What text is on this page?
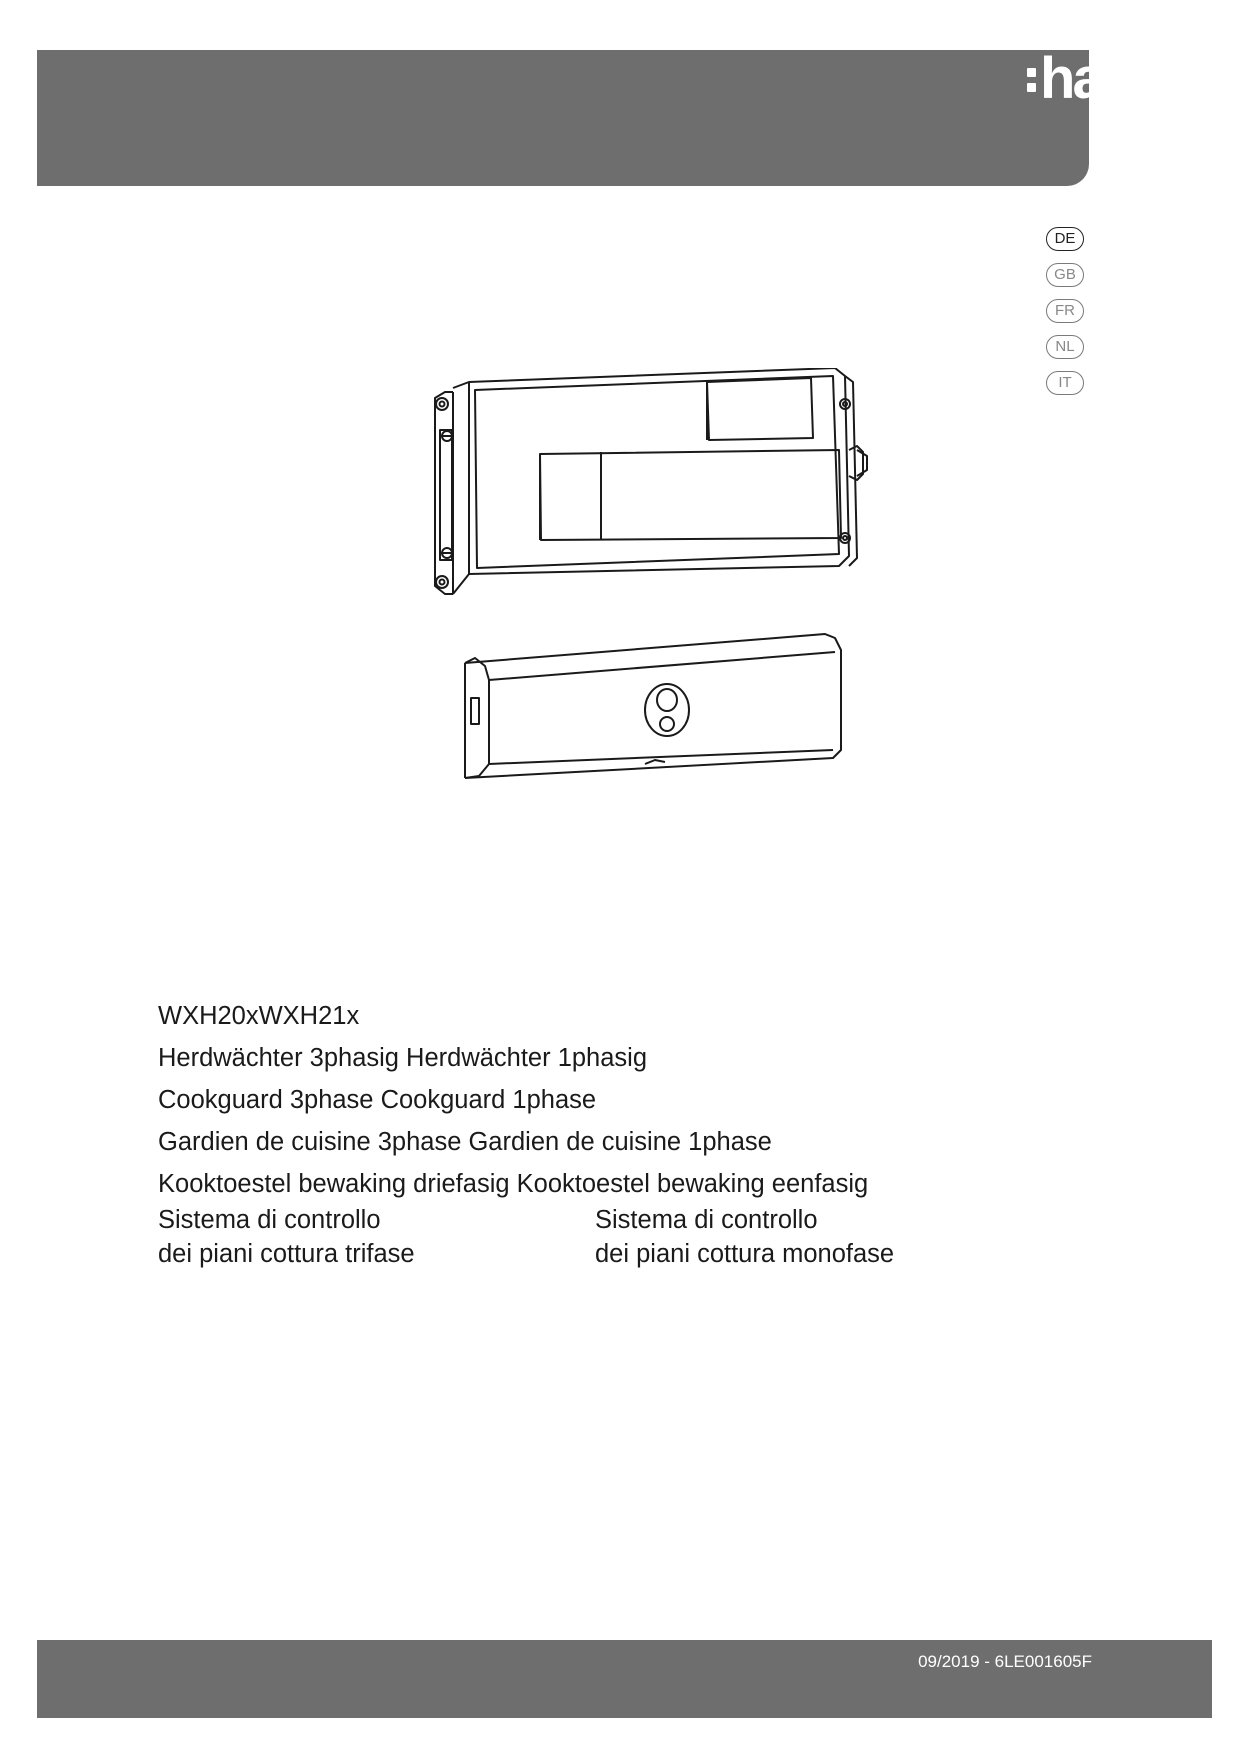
hager
DE
GB
FR
NL
IT
WXH20xWXH21x
Herdwächter 3phasig Herdwächter 1phasig
Cookguard 3phase Cookguard 1phase
Gardien de cuisine 3phase Gardien de cuisine 1phase
Kooktoestel bewaking driefasig Kooktoestel bewaking eenfasig
Sistema di controllo
dei piani cottura trifase
Sistema di controllo
dei piani cottura monofase
09/2019 - 6LE001605F
